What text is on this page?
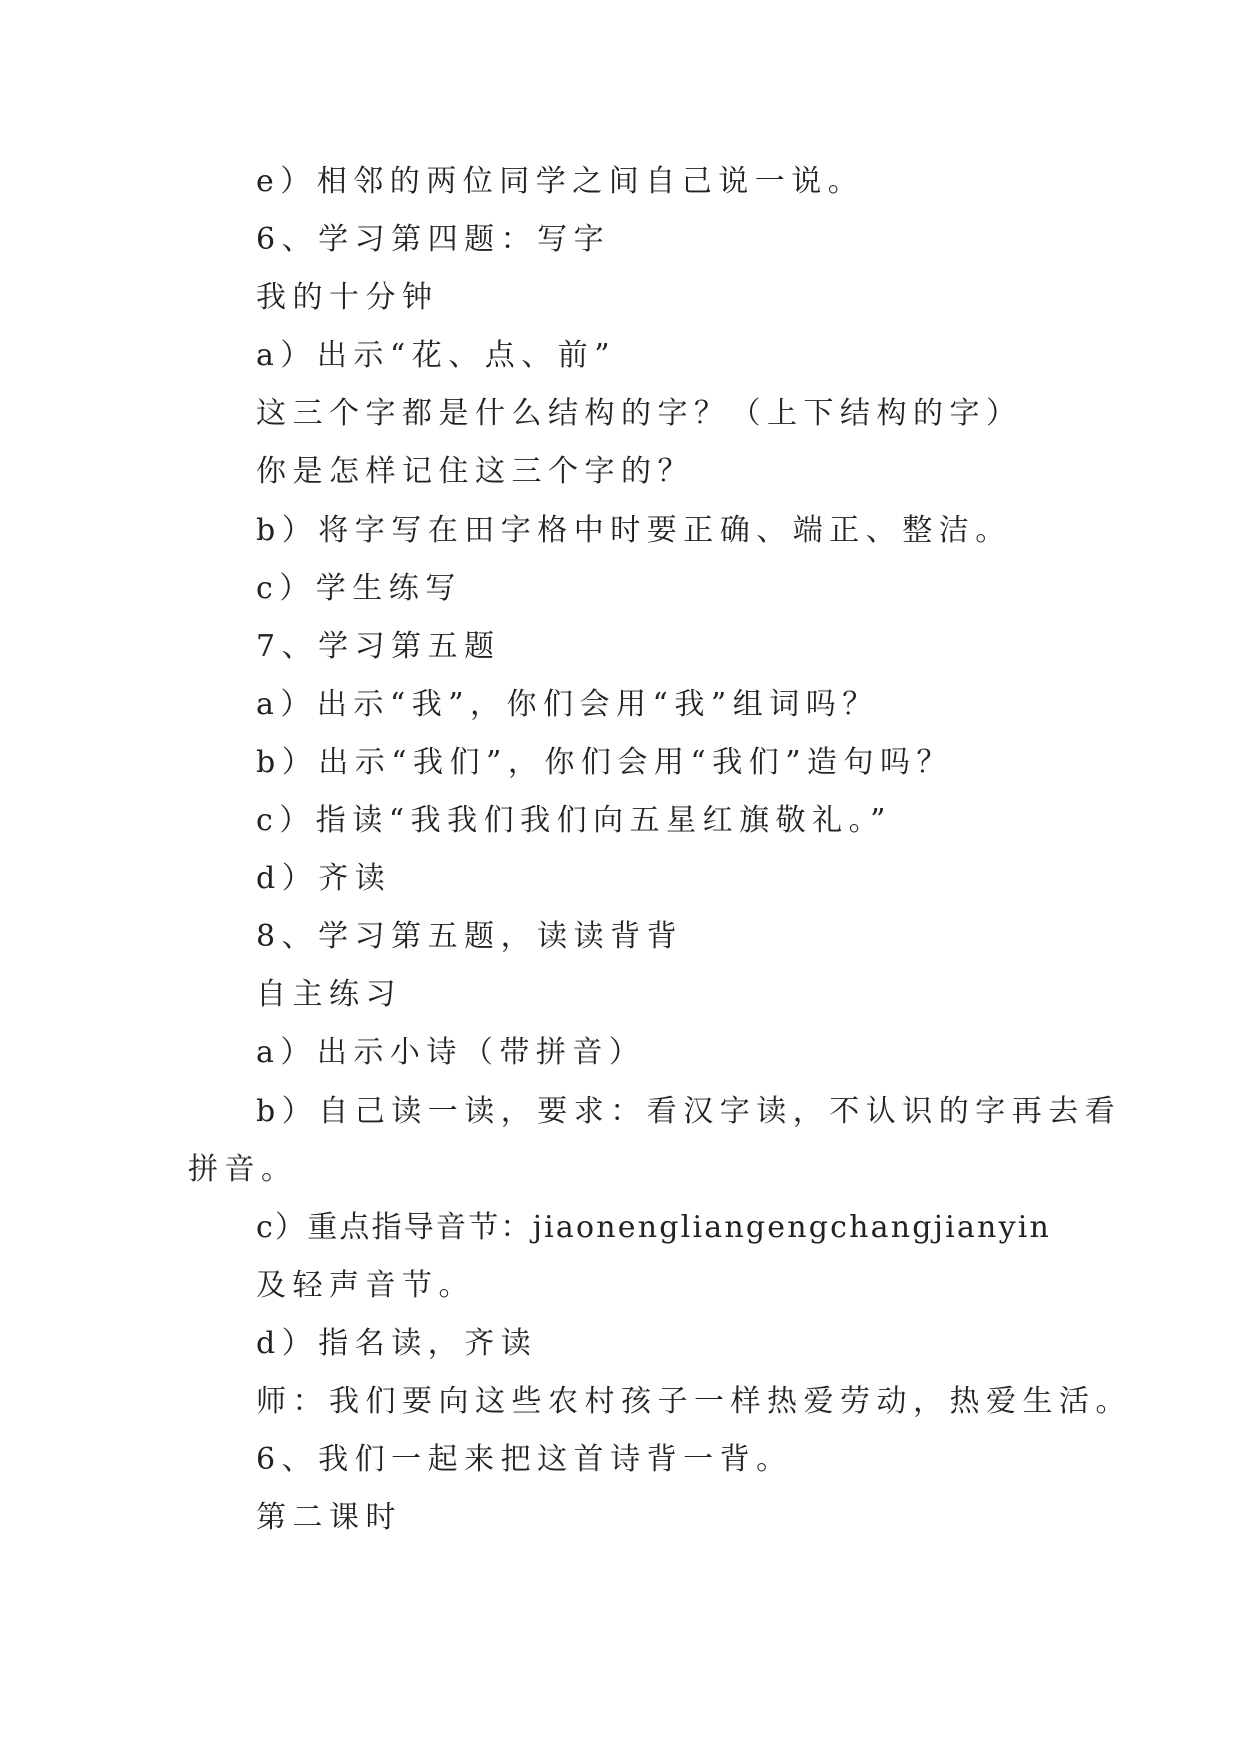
e）相邻的两位同学之间自己说一说。
6、学习第四题：写字
我的十分钟
a）出示“花、点、前”
这三个字都是什么结构的字？（上下结构的字）
你是怎样记住这三个字的？
b）将字写在田字格中时要正确、端正、整洁。
c）学生练写
7、学习第五题
a）出示“我”，你们会用“我”组词吗？
b）出示“我们”，你们会用“我们”造句吗？
c）指读“我我们我们向五星红旗敬礼。”
d）齐读
8、学习第五题，读读背背
自主练习
a）出示小诗（带拼音）
b）自己读一读，要求：看汉字读，不认识的字再去看
拼音。
c）重点指导音节：jiaonengliangengchangjianyin
及轻声音节。
d）指名读，齐读
师：我们要向这些农村孩子一样热爱劳动，热爱生活。
6、我们一起来把这首诗背一背。
第二课时
